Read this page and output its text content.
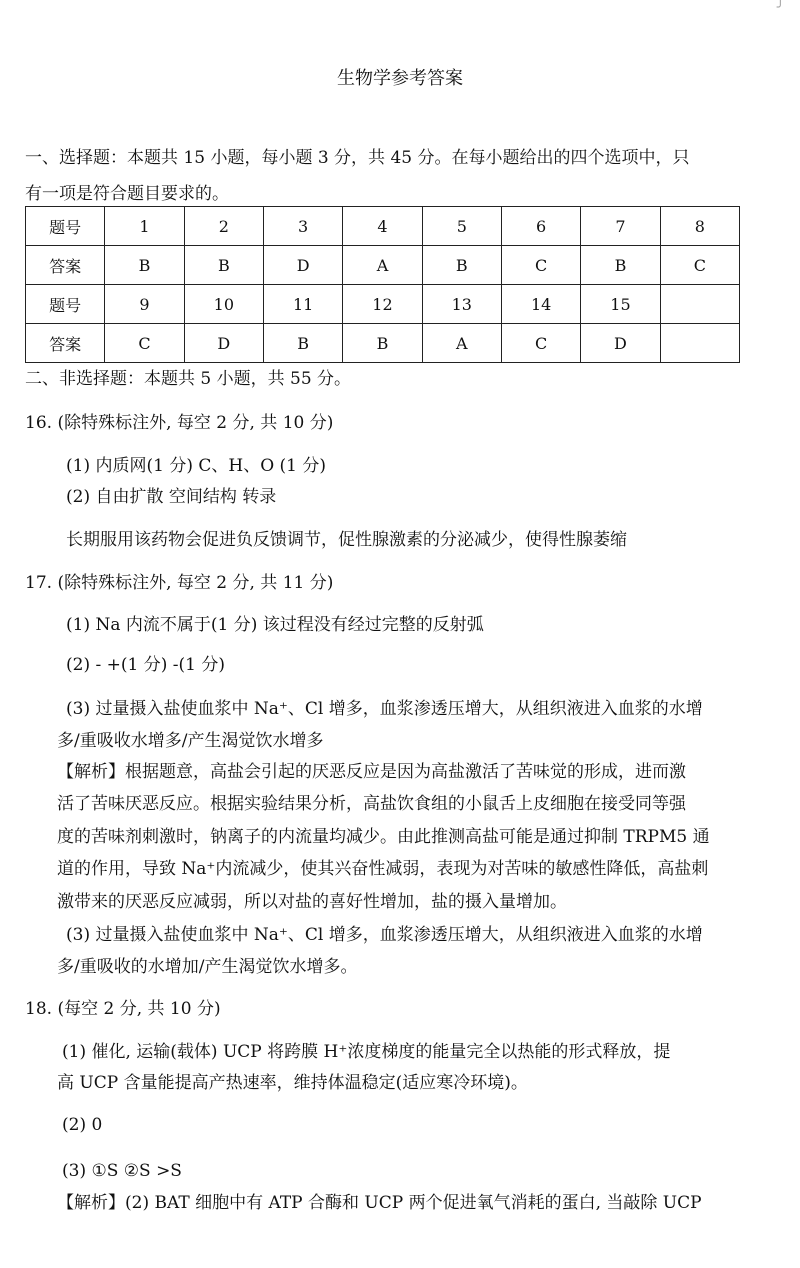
╯
生物学参考答案
一、选择题：本题共 15 小题，每小题 3 分，共 45 分。在每小题给出的四个选项中，只
有一项是符合题目要求的。
题号	1	2	3	4	5	6	7	8
答案	B	B	D	A	B	C	B	C
题号	9	10	11	12	13	14	15	
答案	C	D	B	B	A	C	D	
二、非选择题：本题共 5 小题，共 55 分。
16. (除特殊标注外, 每空 2 分, 共 10 分)
(1) 内质网(1 分) C、H、O (1 分)
(2) 自由扩散 空间结构 转录
长期服用该药物会促进负反馈调节，促性腺激素的分泌减少，使得性腺萎缩
17. (除特殊标注外, 每空 2 分, 共 11 分)
(1) Na 内流不属于(1 分) 该过程没有经过完整的反射弧
(2) - +(1 分) -(1 分)
(3) 过量摄入盐使血浆中 Na⁺、Cl 增多，血浆渗透压增大，从组织液进入血浆的水增
多/重吸收水增多/产生渴觉饮水增多
【解析】根据题意，高盐会引起的厌恶反应是因为高盐激活了苦味觉的形成，进而激
活了苦味厌恶反应。根据实验结果分析，高盐饮食组的小鼠舌上皮细胞在接受同等强
度的苦味剂刺激时，钠离子的内流量均减少。由此推测高盐可能是通过抑制 TRPM5 通
道的作用，导致 Na⁺内流减少，使其兴奋性减弱，表现为对苦味的敏感性降低，高盐刺
激带来的厌恶反应减弱，所以对盐的喜好性增加，盐的摄入量增加。
(3) 过量摄入盐使血浆中 Na⁺、Cl 增多，血浆渗透压增大，从组织液进入血浆的水增
多/重吸收的水增加/产生渴觉饮水增多。
18. (每空 2 分, 共 10 分)
(1) 催化, 运输(载体) UCP 将跨膜 H⁺浓度梯度的能量完全以热能的形式释放，提
高 UCP 含量能提高产热速率，维持体温稳定(适应寒冷环境)。
(2) 0
(3) ①S ②S >S
【解析】(2) BAT 细胞中有 ATP 合酶和 UCP 两个促进氧气消耗的蛋白, 当敲除 UCP
